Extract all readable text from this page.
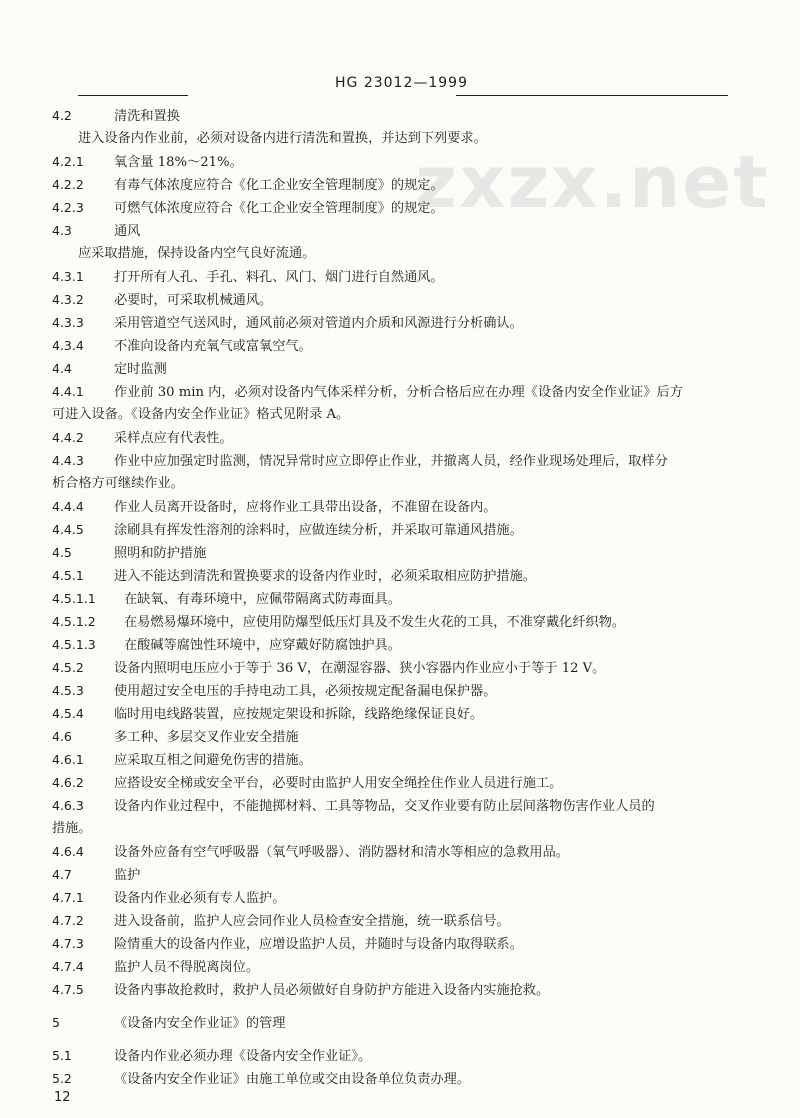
HG 23012—1999
zxzx.net
4.2	清洗和置换
进入设备内作业前，必须对设备内进行清洗和置换，并达到下列要求。
4.2.1 氧含量 18%～21%。
4.2.2 有毒气体浓度应符合《化工企业安全管理制度》的规定。
4.2.3 可燃气体浓度应符合《化工企业安全管理制度》的规定。
4.3	通风
应采取措施，保持设备内空气良好流通。
4.3.1 打开所有人孔、手孔、料孔、风门、烟门进行自然通风。
4.3.2 必要时，可采取机械通风。
4.3.3 采用管道空气送风时，通风前必须对管道内介质和风源进行分析确认。
4.3.4 不准向设备内充氧气或富氧空气。
4.4	定时监测
4.4.1 作业前 30 min 内，必须对设备内气体采样分析，分析合格后应在办理《设备内安全作业证》后方
可进入设备。《设备内安全作业证》格式见附录 A。
4.4.2 采样点应有代表性。
4.4.3 作业中应加强定时监测，情况异常时应立即停止作业，并撤离人员，经作业现场处理后，取样分
析合格方可继续作业。
4.4.4 作业人员离开设备时，应将作业工具带出设备，不准留在设备内。
4.4.5 涂刷具有挥发性溶剂的涂料时，应做连续分析，并采取可靠通风措施。
4.5	照明和防护措施
4.5.1 进入不能达到清洗和置换要求的设备内作业时，必须采取相应防护措施。
4.5.1.1 在缺氧、有毒环境中，应佩带隔离式防毒面具。
4.5.1.2 在易燃易爆环境中，应使用防爆型低压灯具及不发生火花的工具，不准穿戴化纤织物。
4.5.1.3 在酸碱等腐蚀性环境中，应穿戴好防腐蚀护具。
4.5.2 设备内照明电压应小于等于 36 V，在潮湿容器、狭小容器内作业应小于等于 12 V。
4.5.3 使用超过安全电压的手持电动工具，必须按规定配备漏电保护器。
4.5.4 临时用电线路装置，应按规定架设和拆除，线路绝缘保证良好。
4.6	多工种、多层交叉作业安全措施
4.6.1 应采取互相之间避免伤害的措施。
4.6.2 应搭设安全梯或安全平台，必要时由监护人用安全绳拴住作业人员进行施工。
4.6.3 设备内作业过程中，不能抛掷材料、工具等物品，交叉作业要有防止层间落物伤害作业人员的
措施。
4.6.4 设备外应备有空气呼吸器（氧气呼吸器）、消防器材和清水等相应的急救用品。
4.7	监护
4.7.1 设备内作业必须有专人监护。
4.7.2 进入设备前，监护人应会同作业人员检查安全措施，统一联系信号。
4.7.3 险情重大的设备内作业，应增设监护人员，并随时与设备内取得联系。
4.7.4 监护人员不得脱离岗位。
4.7.5 设备内事故抢救时，救护人员必须做好自身防护方能进入设备内实施抢救。
5	《设备内安全作业证》的管理
5.1	设备内作业必须办理《设备内安全作业证》。
5.2	《设备内安全作业证》由施工单位或交由设备单位负责办理。
12
